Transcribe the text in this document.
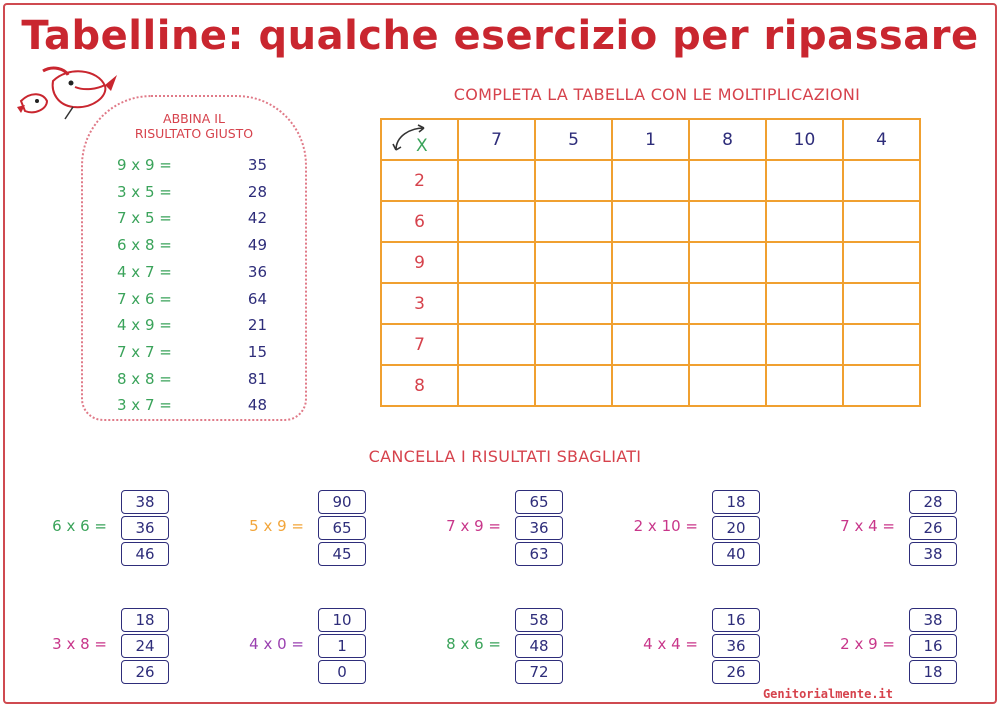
Tabelline: qualche esercizio per ripassare
ABBINA IL
RISULTATO GIUSTO
9 x 9 =	35
3 x 5 =	28
7 x 5 =	42
6 x 8 =	49
4 x 7 =	36
7 x 6 =	64
4 x 9 =	21
7 x 7 =	15
8 x 8 =	81
3 x 7 =	48
COMPLETA LA TABELLA CON LE MOLTIPLICAZIONI
X	7	5	1	8	10	4
2						
6						
9						
3						
7						
8						
CANCELLA I RISULTATI SBAGLIATI
6 x 6 =
38
36
46
5 x 9 =
90
65
45
7 x 9 =
65
36
63
2 x 10 =
18
20
40
7 x 4 =
28
26
38
3 x 8 =
18
24
26
4 x 0 =
10
1
0
8 x 6 =
58
48
72
4 x 4 =
16
36
26
2 x 9 =
38
16
18
Genitorialmente.it
